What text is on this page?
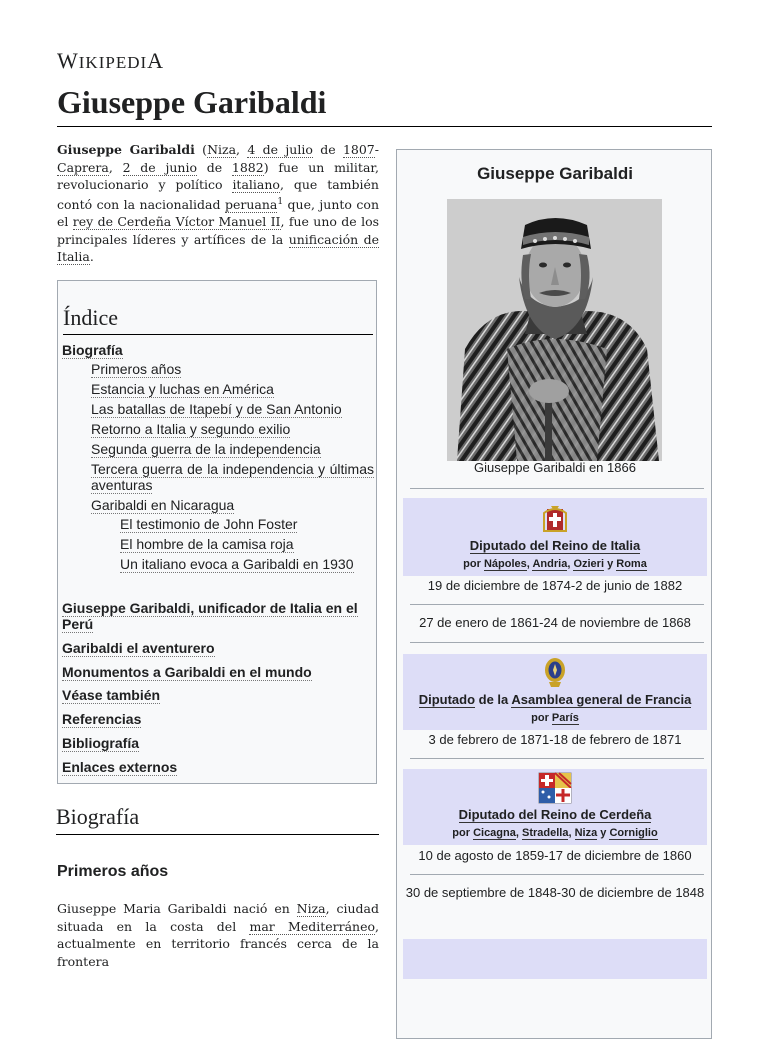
WIKIPEDIA
Giuseppe Garibaldi

Giuseppe Garibaldi (Niza, 4 de julio de 1807-Caprera, 2 de junio de 1882) fue un militar, revolucionario y político italiano, que también contó con la nacionalidad peruana$^1$ que, junto con el rey de Cerdeña Víctor Manuel II, fue uno de los principales líderes y artífices de la unificación de Italia.

Índice
Biografía
Primeros años
Estancia y luchas en América
Las batallas de Itapebí y de San Antonio
Retorno a Italia y segundo exilio
Segunda guerra de la independencia
Tercera guerra de la independencia y últimas aventuras
Garibaldi en Nicaragua
El testimonio de John Foster
El hombre de la camisa roja
Un italiano evoca a Garibaldi en 1930
Giuseppe Garibaldi, unificador de Italia en el Perú
Garibaldi el aventurero
Monumentos a Garibaldi en el mundo
Véase también
Referencias
Bibliografía
Enlaces externos
Biografía
Primeros años

Giuseppe Maria Garibaldi nació en Niza, ciudad situada en la costa del mar Mediterráneo, actualmente en territorio francés cerca de la frontera

Giuseppe Garibaldi
Giuseppe Garibaldi en 1866
Diputado del Reino de Italia
por Nápoles, Andria, Ozieri y Roma
19 de diciembre de 1874-2 de junio de 1882
27 de enero de 1861-24 de noviembre de 1868
Diputado de la Asamblea general de Francia
por París
3 de febrero de 1871-18 de febrero de 1871
Diputado del Reino de Cerdeña
por Cicagna, Stradella, Niza y Corniglio
10 de agosto de 1859-17 de diciembre de 1860
30 de septiembre de 1848-30 de diciembre de 1848
